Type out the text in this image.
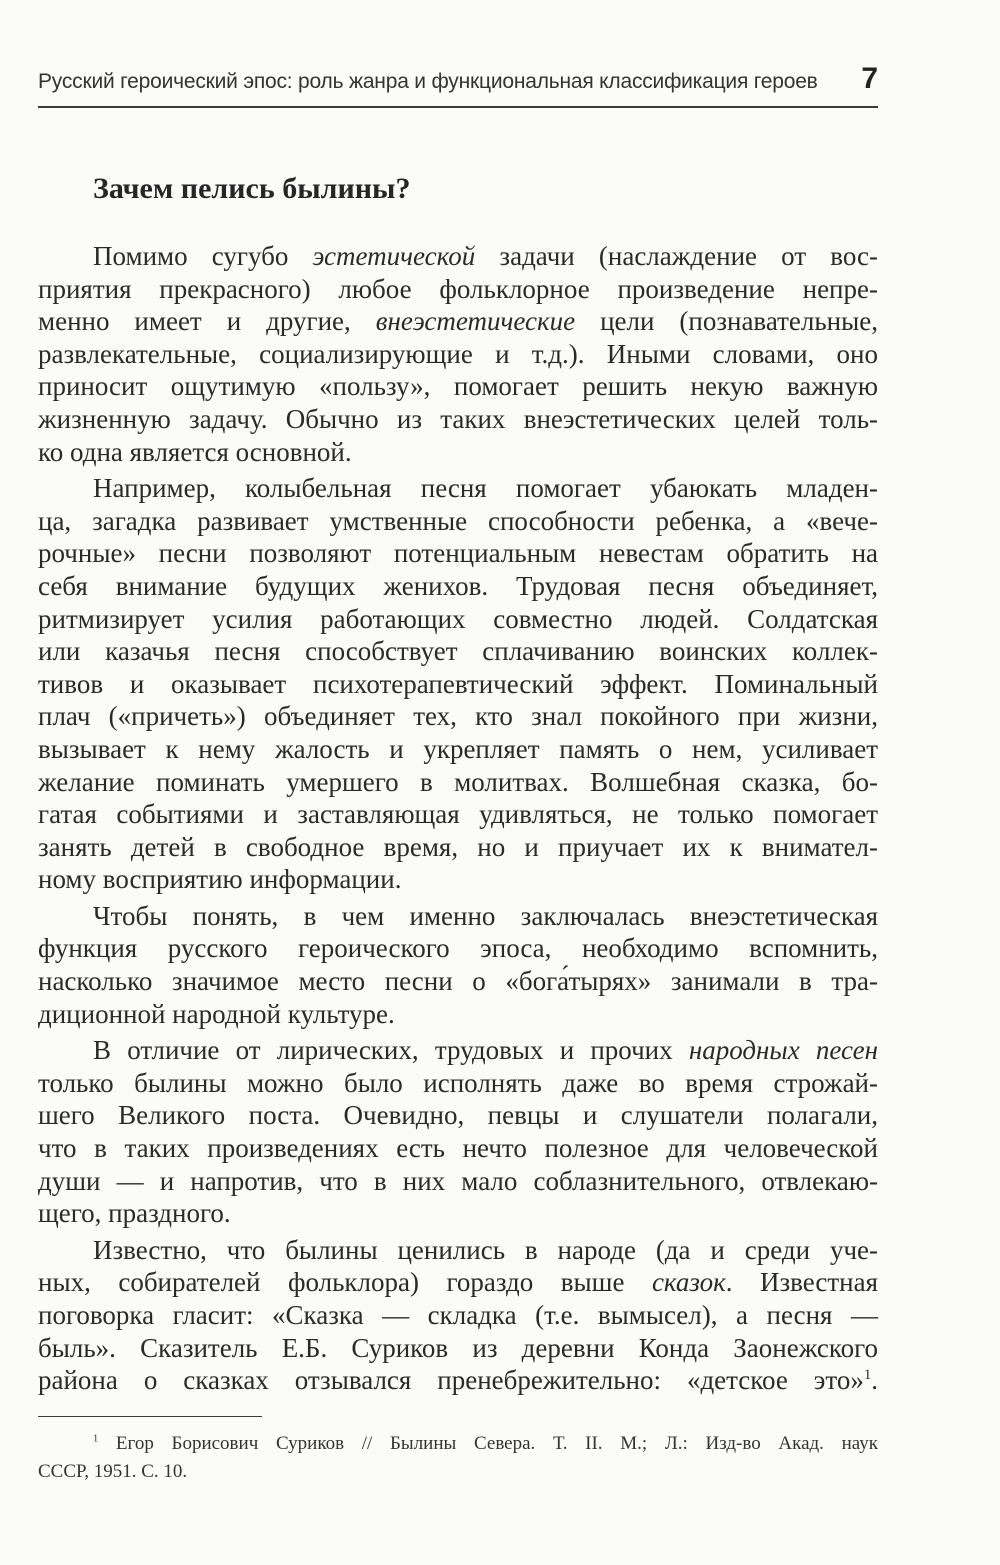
Русский героический эпос: роль жанра и функциональная классификация героев 7
Зачем пелись былины?
Помимо сугубо эстетической задачи (наслаждение от вос-
приятия прекрасного) любое фольклорное произведение непре-
менно имеет и другие, внеэстетические цели (познавательные,
развлекательные, социализирующие и т.д.). Иными словами, оно
приносит ощутимую «пользу», помогает решить некую важную
жизненную задачу. Обычно из таких внеэстетических целей толь-
ко одна является основной.
Например, колыбельная песня помогает убаюкать младен-
ца, загадка развивает умственные способности ребенка, а «вече-
рочные» песни позволяют потенциальным невестам обратить на
себя внимание будущих женихов. Трудовая песня объединяет,
ритмизирует усилия работающих совместно людей. Солдатская
или казачья песня способствует сплачиванию воинских коллек-
тивов и оказывает психотерапевтический эффект. Поминальный
плач («причеть») объединяет тех, кто знал покойного при жизни,
вызывает к нему жалость и укрепляет память о нем, усиливает
желание поминать умершего в молитвах. Волшебная сказка, бо-
гатая событиями и заставляющая удивляться, не только помогает
занять детей в свободное время, но и приучает их к внимател-
ному восприятию информации.
Чтобы понять, в чем именно заключалась внеэстетическая
функция русского героического эпоса, необходимо вспомнить,
насколько значимое место песни о «бога́тырях» занимали в тра-
диционной народной культуре.
В отличие от лирических, трудовых и прочих народных песен
только былины можно было исполнять даже во время строжай-
шего Великого поста. Очевидно, певцы и слушатели полагали,
что в таких произведениях есть нечто полезное для человеческой
души — и напротив, что в них мало соблазнительного, отвлекаю-
щего, праздного.
Известно, что былины ценились в народе (да и среди уче-
ных, собирателей фольклора) гораздо выше сказок. Известная
поговорка гласит: «Сказка — складка (т.е. вымысел), а песня —
быль». Сказитель Е.Б. Суриков из деревни Конда Заонежского
района о сказках отзывался пренебрежительно: «детское это»$^1$.
$^1$ Егор Борисович Суриков // Былины Севера. Т. II. М.; Л.: Изд-во Акад. наук
СССР, 1951. С. 10.
